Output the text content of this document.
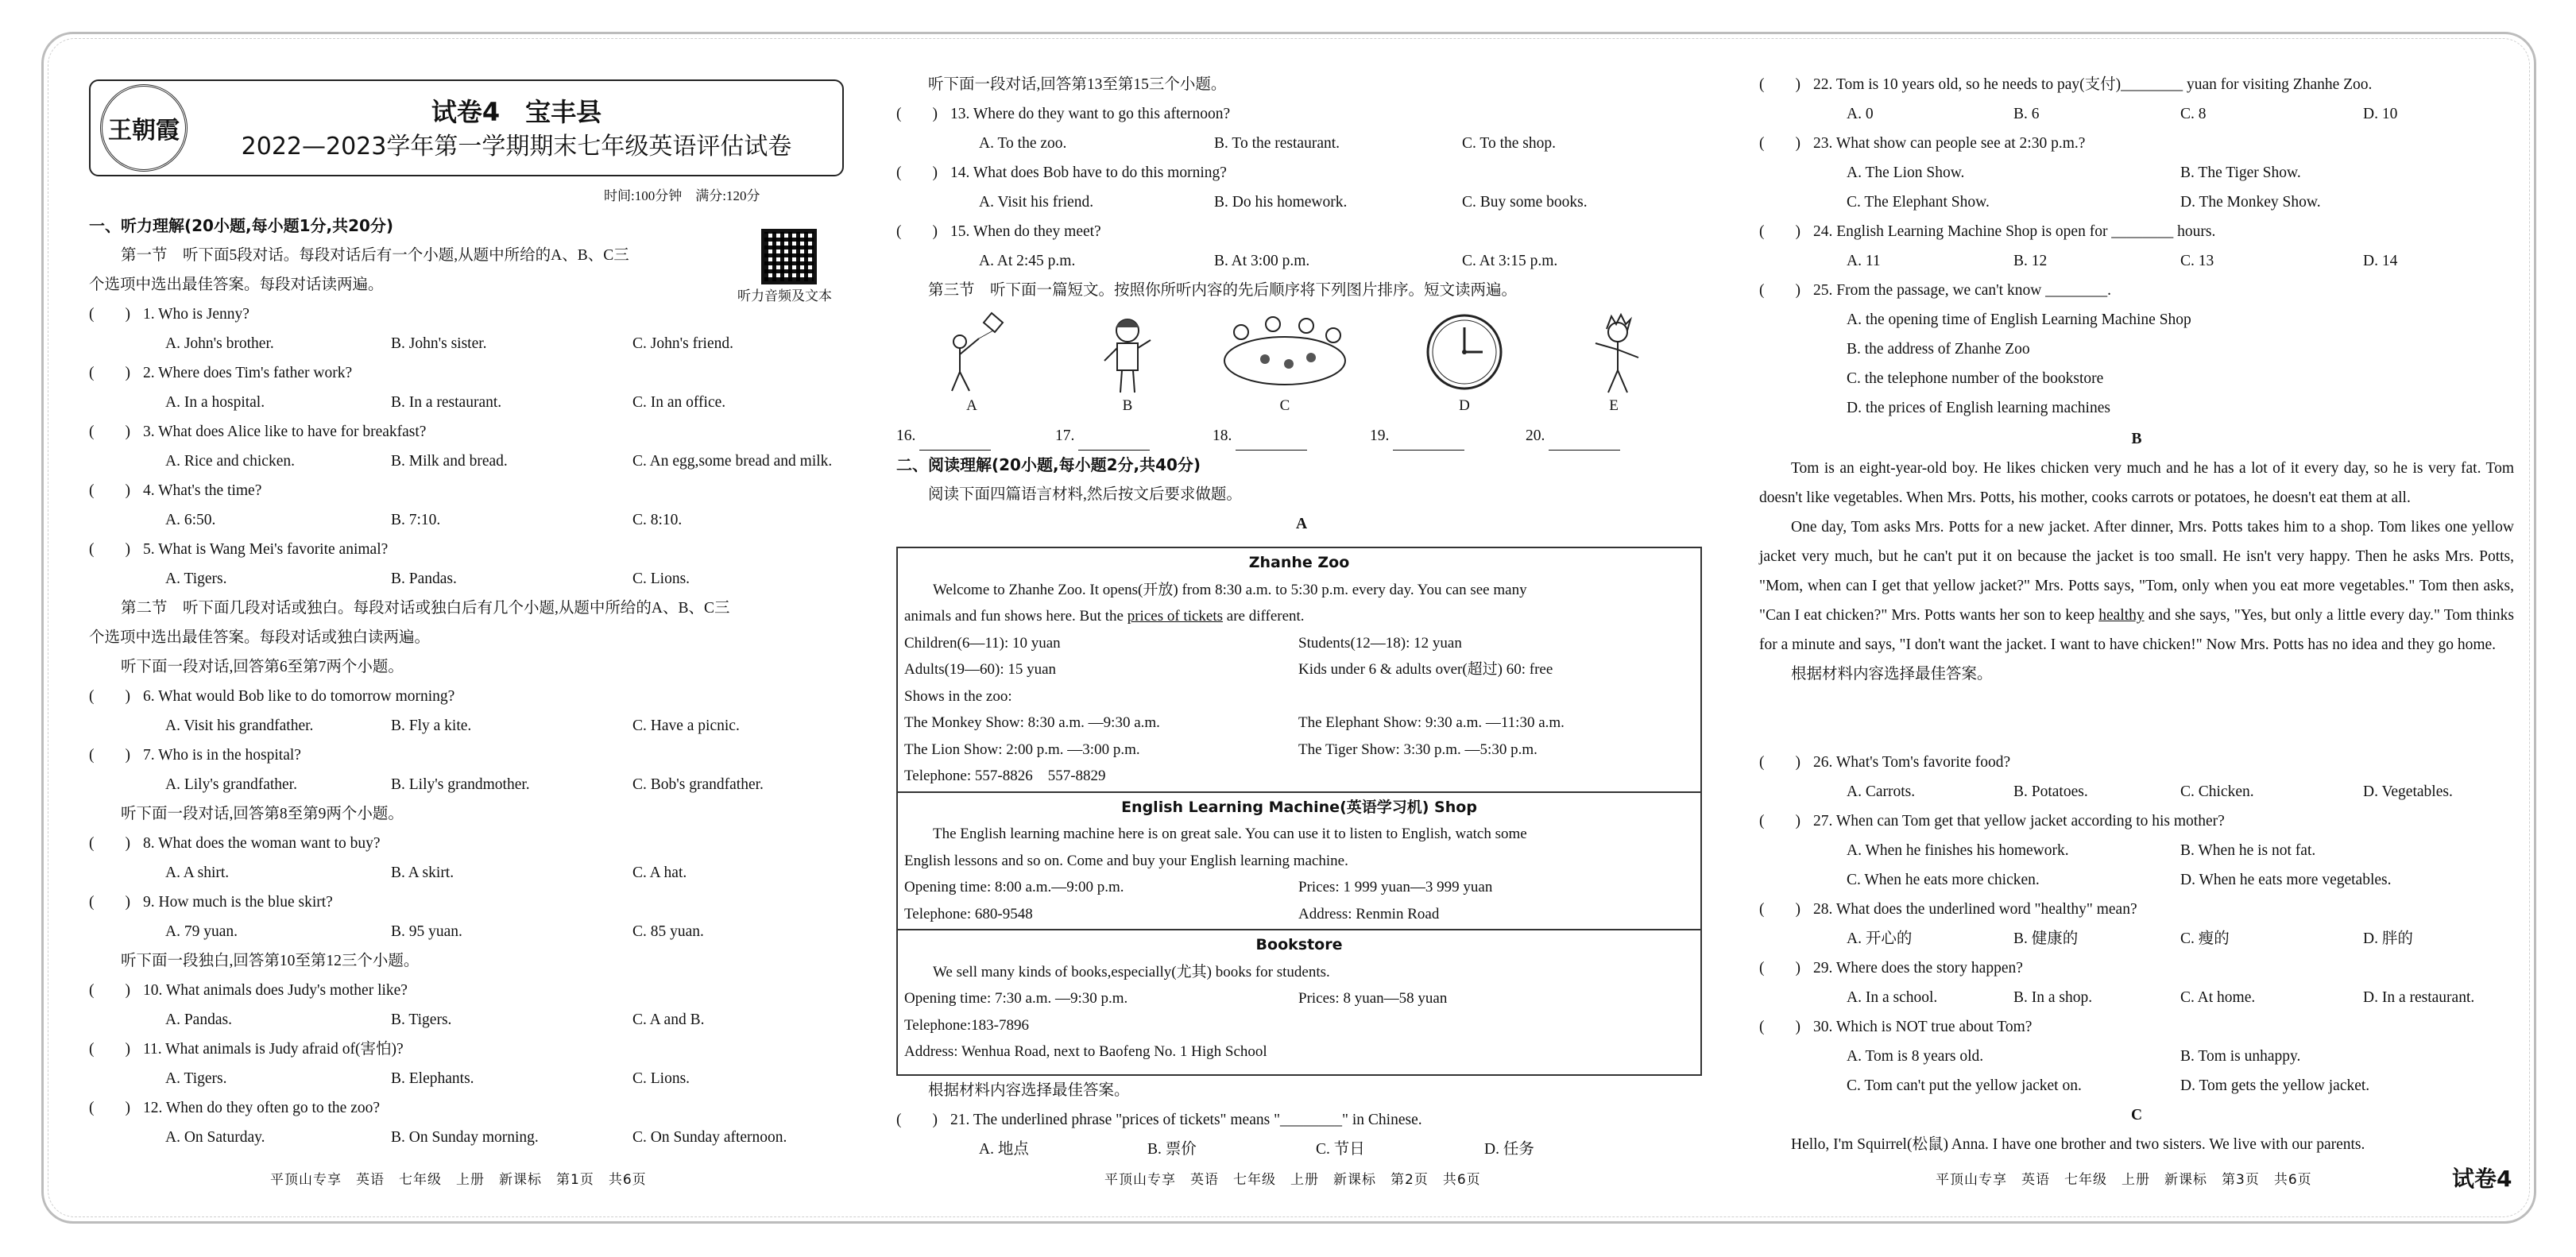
王朝霞
试卷4　宝丰县
2022—2023学年第一学期期末七年级英语评估试卷
时间:100分钟　满分:120分
听力音频及文本
一、听力理解(20小题,每小题1分,共20分)
第一节　听下面5段对话。每段对话后有一个小题,从题中所给的A、B、C三
个选项中选出最佳答案。每段对话读两遍。
(　　) 1. Who is Jenny?
A. John's brother.	B. John's sister.	C. John's friend.
(　　) 2. Where does Tim's father work?
A. In a hospital.	B. In a restaurant.	C. In an office.
(　　) 3. What does Alice like to have for breakfast?
A. Rice and chicken.	B. Milk and bread.	C. An egg,some bread and milk.
(　　) 4. What's the time?
A. 6:50.	B. 7:10.	C. 8:10.
(　　) 5. What is Wang Mei's favorite animal?
A. Tigers.	B. Pandas.	C. Lions.
第二节　听下面几段对话或独白。每段对话或独白后有几个小题,从题中所给的A、B、C三
个选项中选出最佳答案。每段对话或独白读两遍。
听下面一段对话,回答第6至第7两个小题。
(　　) 6. What would Bob like to do tomorrow morning?
A. Visit his grandfather.	B. Fly a kite.	C. Have a picnic.
(　　) 7. Who is in the hospital?
A. Lily's grandfather.	B. Lily's grandmother.	C. Bob's grandfather.
听下面一段对话,回答第8至第9两个小题。
(　　) 8. What does the woman want to buy?
A. A shirt.	B. A skirt.	C. A hat.
(　　) 9. How much is the blue skirt?
A. 79 yuan.	B. 95 yuan.	C. 85 yuan.
听下面一段独白,回答第10至第12三个小题。
(　　) 10. What animals does Judy's mother like?
A. Pandas.	B. Tigers.	C. A and B.
(　　) 11. What animals is Judy afraid of(害怕)?
A. Tigers.	B. Elephants.	C. Lions.
(　　) 12. When do they often go to the zoo?
A. On Saturday.	B. On Sunday morning.	C. On Sunday afternoon.
听下面一段对话,回答第13至第15三个小题。
(　　) 13. Where do they want to go this afternoon?
A. To the zoo.	B. To the restaurant.	C. To the shop.
(　　) 14. What does Bob have to do this morning?
A. Visit his friend.	B. Do his homework.	C. Buy some books.
(　　) 15. When do they meet?
A. At 2:45 p.m.	B. At 3:00 p.m.	C. At 3:15 p.m.
第三节　听下面一篇短文。按照你所听内容的先后顺序将下列图片排序。短文读两遍。
A	B	C	D	E
16.	17.	18.	19.	20.
二、阅读理解(20小题,每小题2分,共40分)
阅读下面四篇语言材料,然后按文后要求做题。
A
Zhanhe Zoo
Welcome to Zhanhe Zoo. It opens(开放) from 8:30 a.m. to 5:30 p.m. every day. You can see many
animals and fun shows here. But the prices of tickets are different.
Children(6—11): 10 yuan	Students(12—18): 12 yuan
Adults(19—60): 15 yuan	Kids under 6 & adults over(超过) 60: free
Shows in the zoo:
The Monkey Show: 8:30 a.m. —9:30 a.m.	The Elephant Show: 9:30 a.m. —11:30 a.m.
The Lion Show: 2:00 p.m. —3:00 p.m.	The Tiger Show: 3:30 p.m. —5:30 p.m.
Telephone: 557-8826　557-8829
English Learning Machine(英语学习机) Shop
The English learning machine here is on great sale. You can use it to listen to English, watch some
English lessons and so on. Come and buy your English learning machine.
Opening time: 8:00 a.m.—9:00 p.m.	Prices: 1 999 yuan—3 999 yuan
Telephone: 680-9548	Address: Renmin Road
Bookstore
We sell many kinds of books,especially(尤其) books for students.
Opening time: 7:30 a.m. —9:30 p.m.	Prices: 8 yuan—58 yuan
Telephone:183-7896
Address: Wenhua Road, next to Baofeng No. 1 High School
根据材料内容选择最佳答案。
(　　) 21. The underlined phrase "prices of tickets" means "________" in Chinese.
A. 地点	B. 票价	C. 节日	D. 任务
(　　) 22. Tom is 10 years old, so he needs to pay(支付)________ yuan for visiting Zhanhe Zoo.
A. 0	B. 6	C. 8	D. 10
(　　) 23. What show can people see at 2:30 p.m.?
A. The Lion Show.	B. The Tiger Show.
C. The Elephant Show.	D. The Monkey Show.
(　　) 24. English Learning Machine Shop is open for ________ hours.
A. 11	B. 12	C. 13	D. 14
(　　) 25. From the passage, we can't know ________.
A. the opening time of English Learning Machine Shop
B. the address of Zhanhe Zoo
C. the telephone number of the bookstore
D. the prices of English learning machines
B

Tom is an eight-year-old boy. He likes chicken very much and he has a lot of it every day, so he is very fat. Tom doesn't like vegetables. When Mrs. Potts, his mother, cooks carrots or potatoes, he doesn't eat them at all.

One day, Tom asks Mrs. Potts for a new jacket. After dinner, Mrs. Potts takes him to a shop. Tom likes one yellow jacket very much, but he can't put it on because the jacket is too small. He isn't very happy. Then he asks Mrs. Potts, "Mom, when can I get that yellow jacket?" Mrs. Potts says, "Tom, only when you eat more vegetables." Tom then asks, "Can I eat chicken?" Mrs. Potts wants her son to keep healthy and she says, "Yes, but only a little every day." Tom thinks for a minute and says, "I don't want the jacket. I want to have chicken!" Now Mrs. Potts has no idea and they go home.

根据材料内容选择最佳答案。
(　　) 26. What's Tom's favorite food?
A. Carrots.	B. Potatoes.	C. Chicken.	D. Vegetables.
(　　) 27. When can Tom get that yellow jacket according to his mother?
A. When he finishes his homework.	B. When he is not fat.
C. When he eats more chicken.	D. When he eats more vegetables.
(　　) 28. What does the underlined word "healthy" mean?
A. 开心的	B. 健康的	C. 瘦的	D. 胖的
(　　) 29. Where does the story happen?
A. In a school.	B. In a shop.	C. At home.	D. In a restaurant.
(　　) 30. Which is NOT true about Tom?
A. Tom is 8 years old.	B. Tom is unhappy.
C. Tom can't put the yellow jacket on.	D. Tom gets the yellow jacket.
C
Hello, I'm Squirrel(松鼠) Anna. I have one brother and two sisters. We live with our parents.
平顶山专享　英语　七年级　上册　新课标　第1页　共6页	平顶山专享　英语　七年级　上册　新课标　第2页　共6页	平顶山专享　英语　七年级　上册　新课标　第3页　共6页	试卷4
